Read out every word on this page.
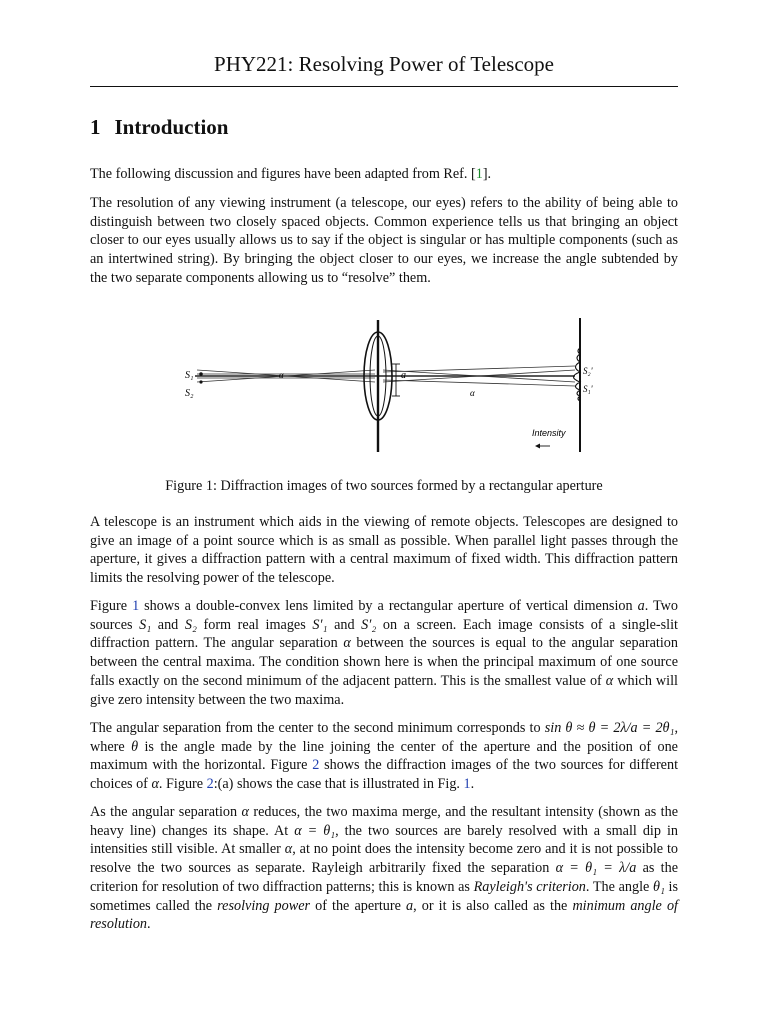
PHY221: Resolving Power of Telescope
1 Introduction

The following discussion and figures have been adapted from Ref. [1].

The resolution of any viewing instrument (a telescope, our eyes) refers to the ability of being able to distinguish between two closely spaced objects. Common experience tells us that bringing an object closer to our eyes usually allows us to say if the object is singular or has multiple components (such as an intertwined string). By bringing the object closer to our eyes, we increase the angle subtended by the two separate components allowing us to “resolve” them.

S₁
S₂
α	a
α
S₂'
S₁'
Intensity
Figure 1: Diffraction images of two sources formed by a rectangular aperture

A telescope is an instrument which aids in the viewing of remote objects. Telescopes are designed to give an image of a point source which is as small as possible. When parallel light passes through the aperture, it gives a diffraction pattern with a central maximum of fixed width. This diffraction pattern limits the resolving power of the telescope.

Figure 1 shows a double-convex lens limited by a rectangular aperture of vertical dimension a. Two sources S₁ and S₂ form real images S′₁ and S′₂ on a screen. Each image consists of a single-slit diffraction pattern. The angular separation α between the sources is equal to the angular separation between the central maxima. The condition shown here is when the principal maximum of one source falls exactly on the second minimum of the adjacent pattern. This is the smallest value of α which will give zero intensity between the two maxima.

The angular separation from the center to the second minimum corresponds to sin θ ≈ θ = 2λ/a = 2θ₁, where θ is the angle made by the line joining the center of the aperture and the position of one maximum with the horizontal. Figure 2 shows the diffraction images of the two sources for different choices of α. Figure 2:(a) shows the case that is illustrated in Fig. 1.

As the angular separation α reduces, the two maxima merge, and the resultant intensity (shown as the heavy line) changes its shape. At α = θ₁, the two sources are barely resolved with a small dip in intensities still visible. At smaller α, at no point does the intensity become zero and it is not possible to resolve the two sources as separate. Rayleigh arbitrarily fixed the separation α = θ₁ = λ/a as the criterion for resolution of two diffraction patterns; this is known as Rayleigh's criterion. The angle θ₁ is sometimes called the resolving power of the aperture a, or it is also called as the minimum angle of resolution.
